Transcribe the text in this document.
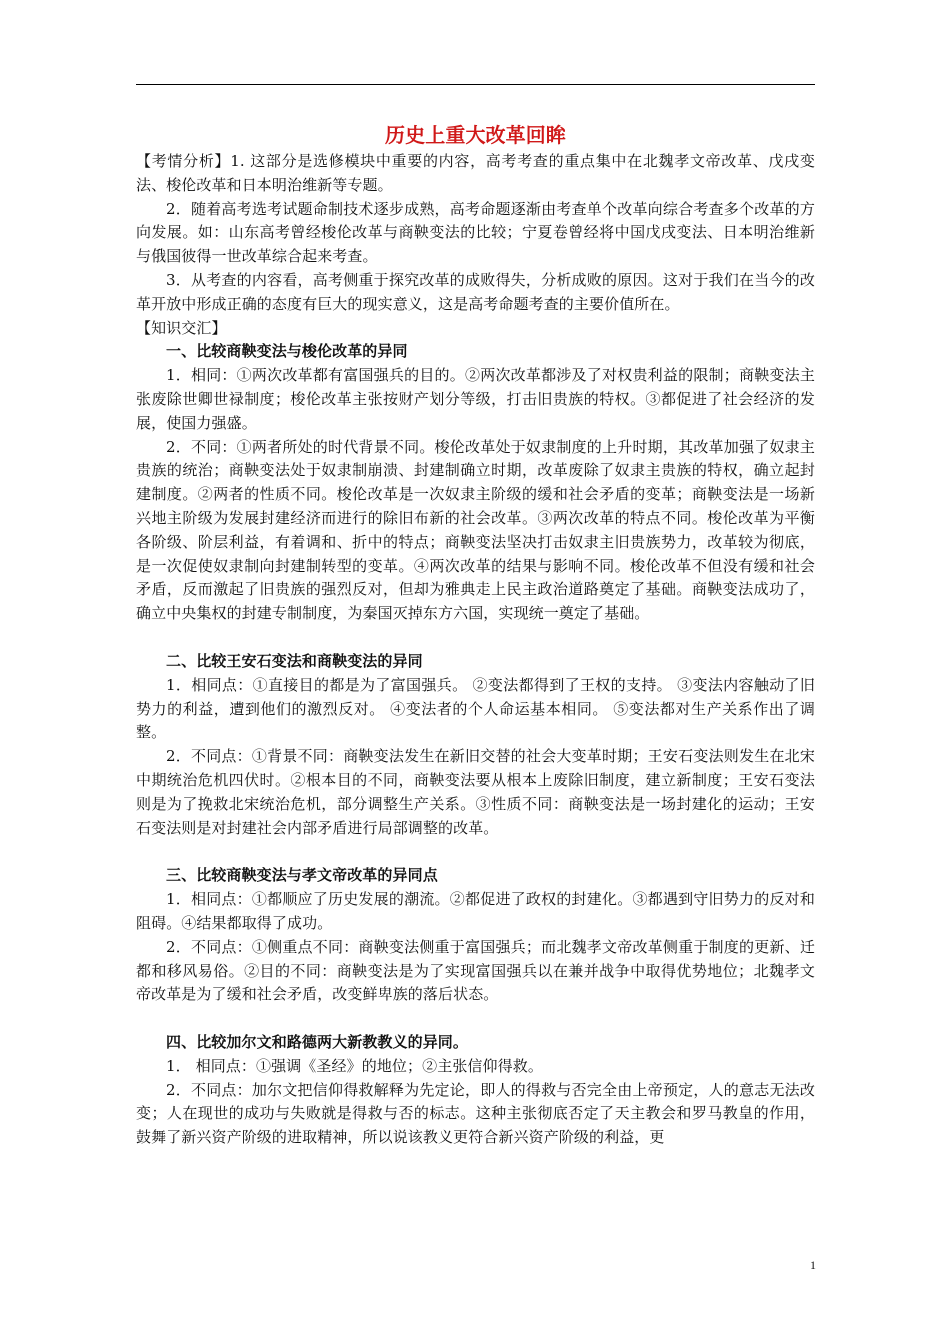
历史上重大改革回眸

【考情分析】1. 这部分是选修模块中重要的内容，高考考查的重点集中在北魏孝文帝改革、戊戌变法、梭伦改革和日本明治维新等专题。

2．随着高考选考试题命制技术逐步成熟，高考命题逐渐由考查单个改革向综合考查多个改革的方向发展。如：山东高考曾经梭伦改革与商鞅变法的比较；宁夏卷曾经将中国戊戌变法、日本明治维新与俄国彼得一世改革综合起来考查。

3．从考查的内容看，高考侧重于探究改革的成败得失，分析成败的原因。这对于我们在当今的改革开放中形成正确的态度有巨大的现实意义，这是高考命题考查的主要价值所在。

【知识交汇】

一、比较商鞅变法与梭伦改革的异同

1．相同：①两次改革都有富国强兵的目的。②两次改革都涉及了对权贵利益的限制；商鞅变法主张废除世卿世禄制度；梭伦改革主张按财产划分等级，打击旧贵族的特权。③都促进了社会经济的发展，使国力强盛。

2．不同：①两者所处的时代背景不同。梭伦改革处于奴隶制度的上升时期，其改革加强了奴隶主贵族的统治；商鞅变法处于奴隶制崩溃、封建制确立时期，改革废除了奴隶主贵族的特权，确立起封建制度。②两者的性质不同。梭伦改革是一次奴隶主阶级的缓和社会矛盾的变革；商鞅变法是一场新兴地主阶级为发展封建经济而进行的除旧布新的社会改革。③两次改革的特点不同。梭伦改革为平衡各阶级、阶层利益，有着调和、折中的特点；商鞅变法坚决打击奴隶主旧贵族势力，改革较为彻底，是一次促使奴隶制向封建制转型的变革。④两次改革的结果与影响不同。梭伦改革不但没有缓和社会矛盾，反而激起了旧贵族的强烈反对，但却为雅典走上民主政治道路奠定了基础。商鞅变法成功了，确立中央集权的封建专制制度，为秦国灭掉东方六国，实现统一奠定了基础。

二、比较王安石变法和商鞅变法的异同

1．相同点：①直接目的都是为了富国强兵。 ②变法都得到了王权的支持。 ③变法内容触动了旧势力的利益，遭到他们的激烈反对。 ④变法者的个人命运基本相同。 ⑤变法都对生产关系作出了调整。

2．不同点：①背景不同：商鞅变法发生在新旧交替的社会大变革时期；王安石变法则发生在北宋中期统治危机四伏时。②根本目的不同，商鞅变法要从根本上废除旧制度，建立新制度；王安石变法则是为了挽救北宋统治危机，部分调整生产关系。③性质不同：商鞅变法是一场封建化的运动；王安石变法则是对封建社会内部矛盾进行局部调整的改革。

三、比较商鞅变法与孝文帝改革的异同点

1．相同点：①都顺应了历史发展的潮流。②都促进了政权的封建化。③都遇到守旧势力的反对和阻碍。④结果都取得了成功。

2．不同点：①侧重点不同：商鞅变法侧重于富国强兵；而北魏孝文帝改革侧重于制度的更新、迁都和移风易俗。②目的不同：商鞅变法是为了实现富国强兵以在兼并战争中取得优势地位；北魏孝文帝改革是为了缓和社会矛盾，改变鲜卑族的落后状态。

四、比较加尔文和路德两大新教教义的异同。

1． 相同点：①强调《圣经》的地位；②主张信仰得救。

2．不同点：加尔文把信仰得救解释为先定论，即人的得救与否完全由上帝预定，人的意志无法改变；人在现世的成功与失败就是得救与否的标志。这种主张彻底否定了天主教会和罗马教皇的作用，鼓舞了新兴资产阶级的进取精神，所以说该教义更符合新兴资产阶级的利益，更

1
